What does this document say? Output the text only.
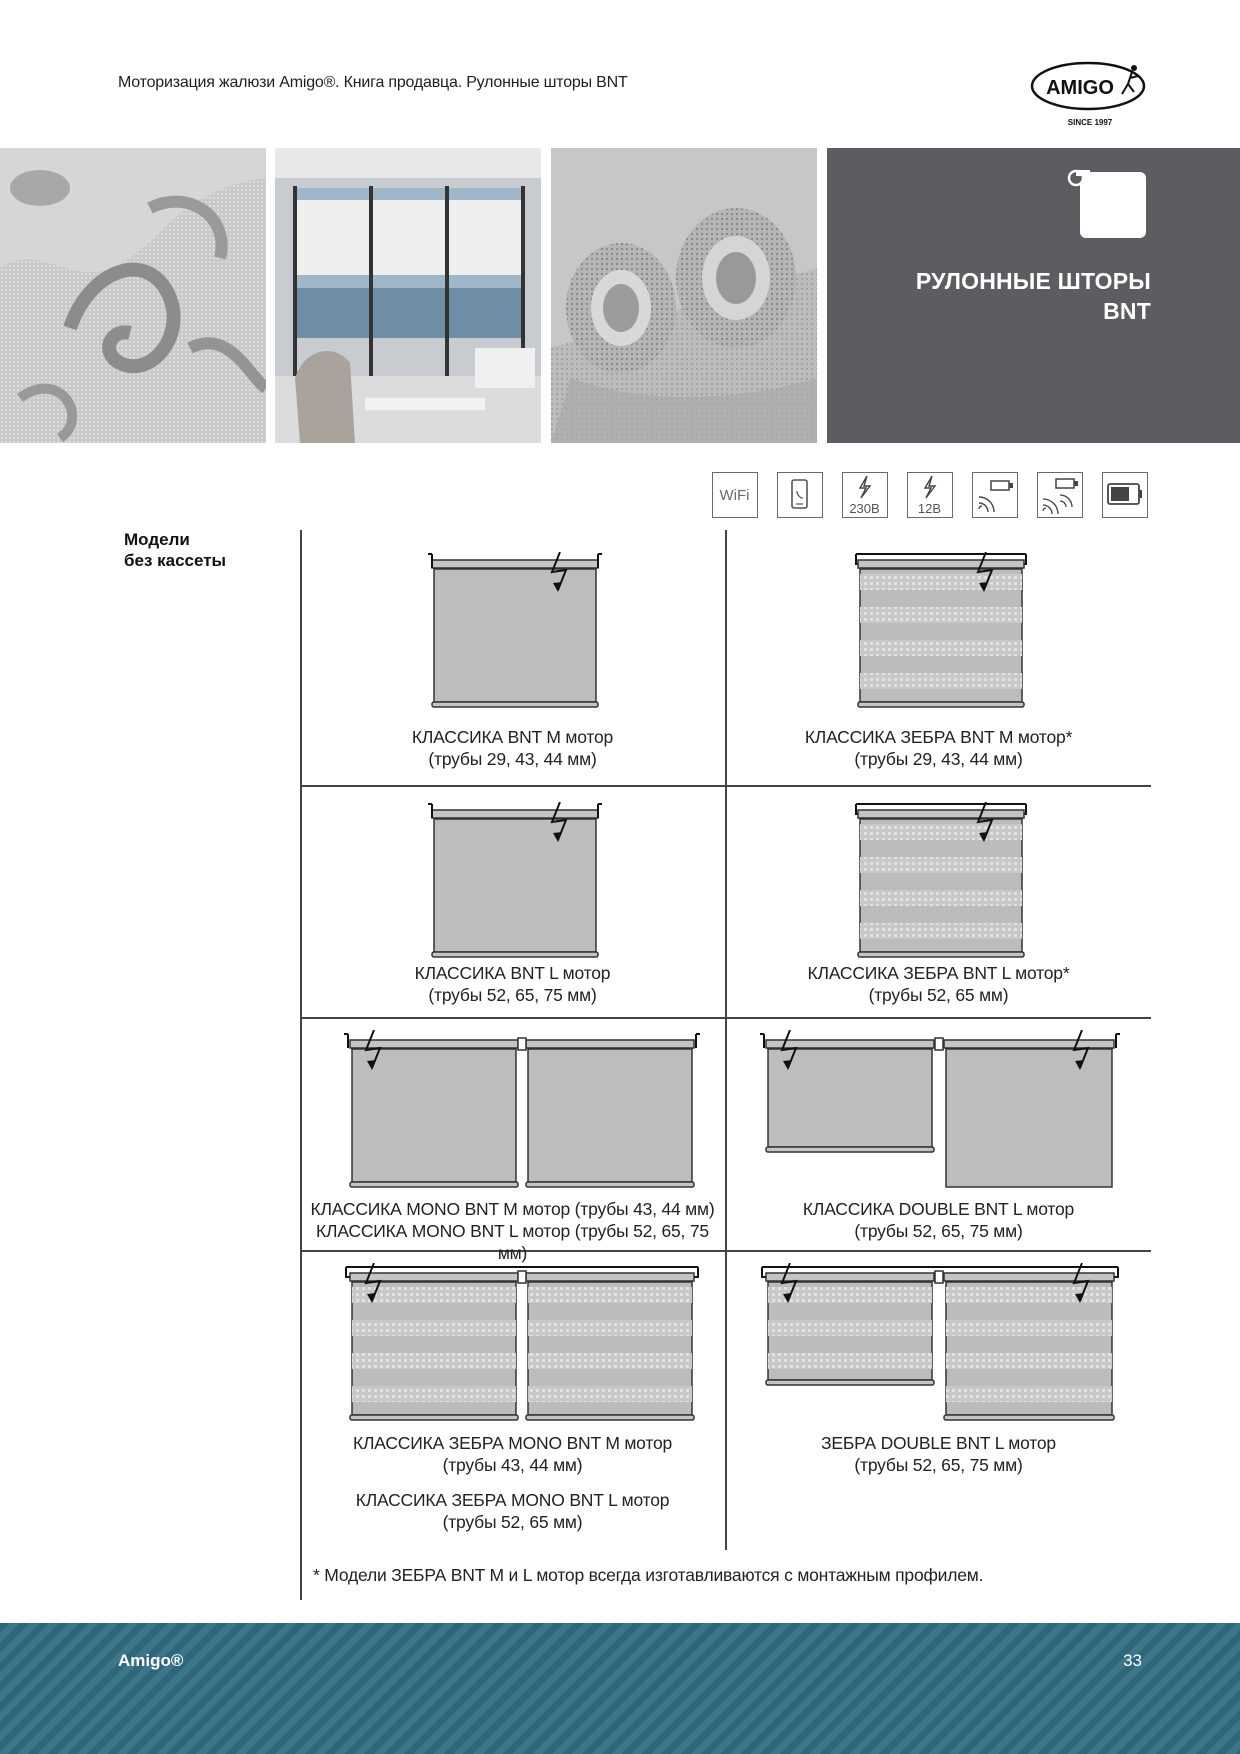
Моторизация жалюзи Amigo®. Книга продавца. Рулонные шторы BNT	AMIGO
SINCE 1997
РУЛОННЫЕ ШТОРЫ
BNT
WiFi
230В	12В
Модели
без кассеты
КЛАССИКА BNT M мотор
(трубы 29, 43, 44 мм)
КЛАССИКА ЗЕБРА BNT M мотор*
(трубы 29, 43, 44 мм)
КЛАССИКА BNT L мотор
(трубы 52, 65, 75 мм)
КЛАССИКА ЗЕБРА BNT L мотор*
(трубы 52, 65 мм)
КЛАССИКА MONO BNT M мотор (трубы 43, 44 мм)
КЛАССИКА MONO BNT L мотор (трубы 52, 65, 75 мм)
КЛАССИКА DOUBLE BNT L мотор
(трубы 52, 65, 75 мм)
КЛАССИКА ЗЕБРА MONO BNT M мотор
(трубы 43, 44 мм)
КЛАССИКА ЗЕБРА MONO BNT L мотор
(трубы 52, 65 мм)
ЗЕБРА DOUBLE BNT L мотор
(трубы 52, 65, 75 мм)
* Модели ЗЕБРА BNT M и L мотор всегда изготавливаются с монтажным профилем.
Amigo®	33
